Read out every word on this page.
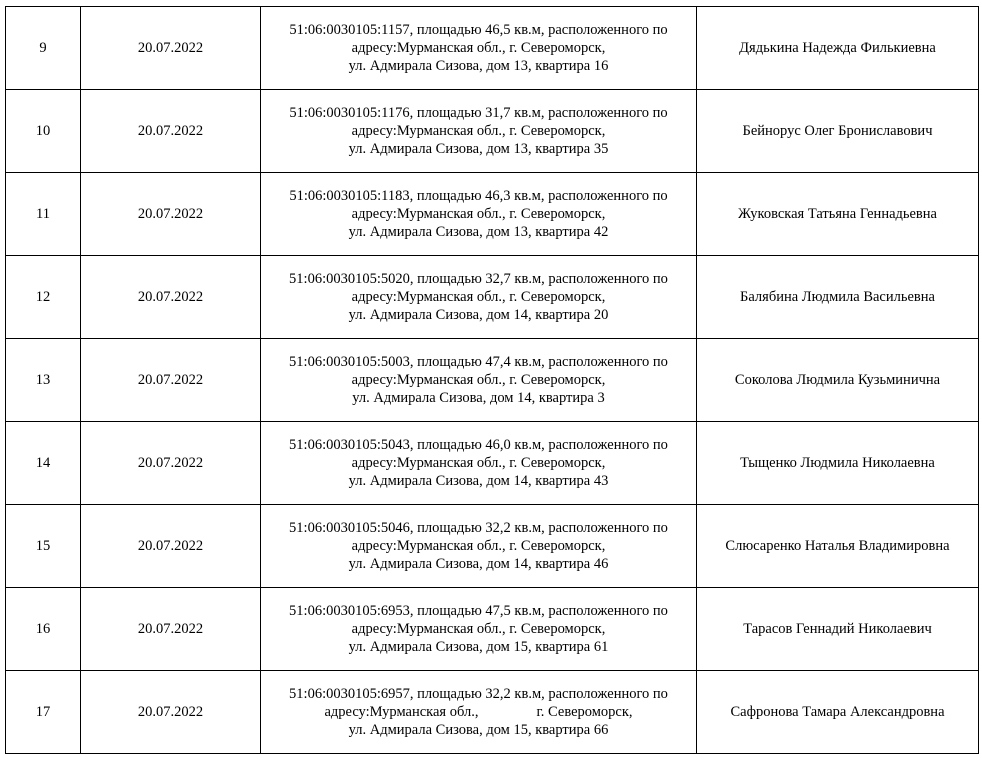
9	20.07.2022	51:06:0030105:1157, площадью 46,5 кв.м, расположенного по
адресу:Мурманская обл., г. Североморск,
ул. Адмирала Сизова, дом 13, квартира 16	Дядькина Надежда Филькиевна
10	20.07.2022	51:06:0030105:1176, площадью 31,7 кв.м, расположенного по
адресу:Мурманская обл., г. Североморск,
ул. Адмирала Сизова, дом 13, квартира 35	Бейнорус Олег Брониславович
11	20.07.2022	51:06:0030105:1183, площадью 46,3 кв.м, расположенного по
адресу:Мурманская обл., г. Североморск,
ул. Адмирала Сизова, дом 13, квартира 42	Жуковская Татьяна Геннадьевна
12	20.07.2022	51:06:0030105:5020, площадью 32,7 кв.м, расположенного по
адресу:Мурманская обл., г. Североморск,
ул. Адмирала Сизова, дом 14, квартира 20	Балябина Людмила Васильевна
13	20.07.2022	51:06:0030105:5003, площадью 47,4 кв.м, расположенного по
адресу:Мурманская обл., г. Североморск,
ул. Адмирала Сизова, дом 14, квартира 3	Соколова Людмила Кузьминична
14	20.07.2022	51:06:0030105:5043, площадью 46,0 кв.м, расположенного по
адресу:Мурманская обл., г. Североморск,
ул. Адмирала Сизова, дом 14, квартира 43	Тыщенко Людмила Николаевна
15	20.07.2022	51:06:0030105:5046, площадью 32,2 кв.м, расположенного по
адресу:Мурманская обл., г. Североморск,
ул. Адмирала Сизова, дом 14, квартира 46	Слюсаренко Наталья Владимировна
16	20.07.2022	51:06:0030105:6953, площадью 47,5 кв.м, расположенного по
адресу:Мурманская обл., г. Североморск,
ул. Адмирала Сизова, дом 15, квартира 61	Тарасов Геннадий Николаевич
17	20.07.2022	51:06:0030105:6957, площадью 32,2 кв.м, расположенного по
адресу:Мурманская обл., г. Североморск,
ул. Адмирала Сизова, дом 15, квартира 66	Сафронова Тамара Александровна
